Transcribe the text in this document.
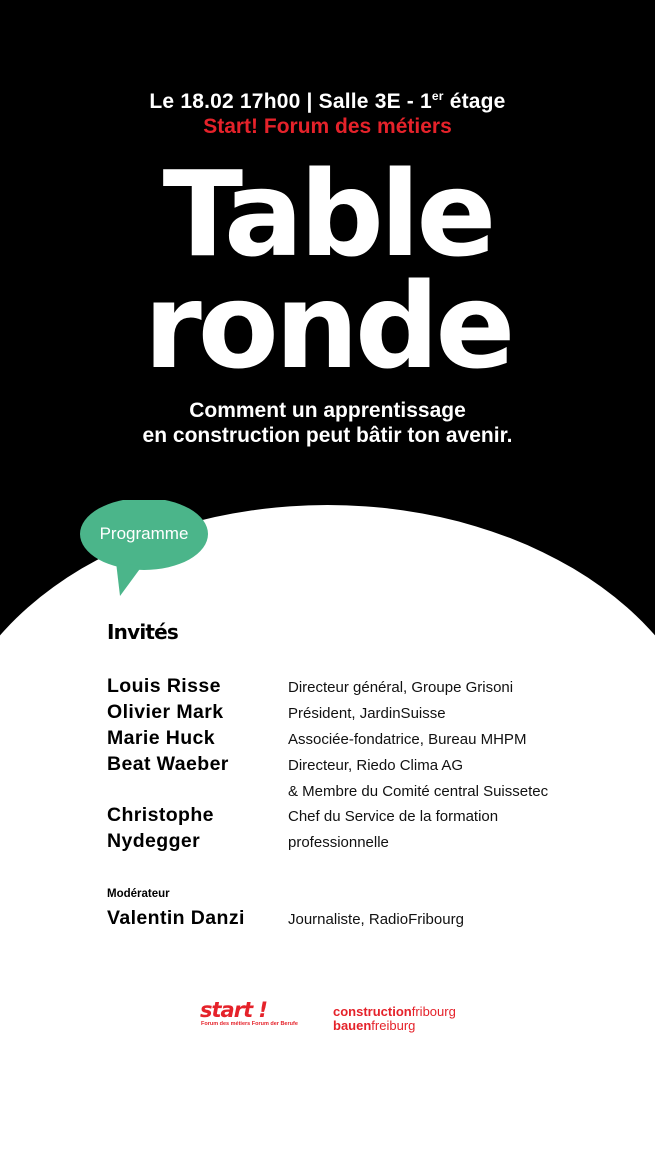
Le 18.02 17h00 | Salle 3E - 1er étage
Start! Forum des métiers
Table
ronde
Comment un apprentissage
en construction peut bâtir ton avenir.
Programme
Invités
Louis Risse
Olivier Mark
Marie Huck
Beat Waeber
Christophe
Nydegger
Directeur général, Groupe Grisoni
Président, JardinSuisse
Associée-fondatrice, Bureau MHPM
Directeur, Riedo Clima AG
& Membre du Comité central Suissetec
Chef du Service de la formation
professionnelle
Modérateur
Valentin Danzi	Journaliste, RadioFribourg
start !
Forum des métiers Forum der Berufe
constructionfribourg
bauenfreiburg
